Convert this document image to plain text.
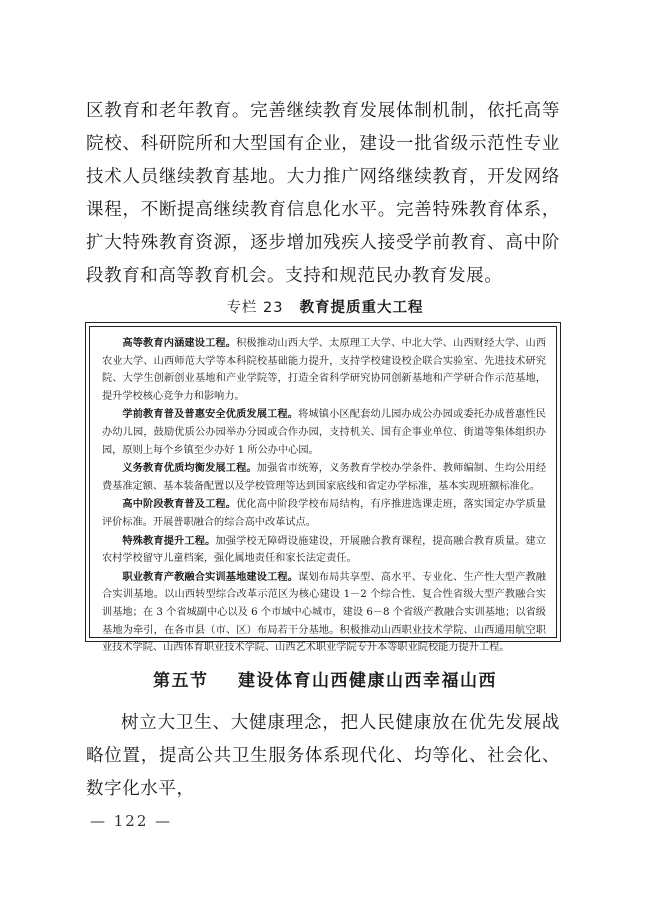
区教育和老年教育。完善继续教育发展体制机制，依托高等院校、科研院所和大型国有企业，建设一批省级示范性专业技术人员继续教育基地。大力推广网络继续教育，开发网络课程，不断提高继续教育信息化水平。完善特殊教育体系，扩大特殊教育资源，逐步增加残疾人接受学前教育、高中阶段教育和高等教育机会。支持和规范民办教育发展。

专栏 23 教育提质重大工程

高等教育内涵建设工程。积极推动山西大学、太原理工大学、中北大学、山西财经大学、山西农业大学、山西师范大学等本科院校基础能力提升，支持学校建设校企联合实验室、先进技术研究院、大学生创新创业基地和产业学院等，打造全省科学研究协同创新基地和产学研合作示范基地，提升学校核心竞争力和影响力。

学前教育普及普惠安全优质发展工程。将城镇小区配套幼儿园办成公办园或委托办成普惠性民办幼儿园，鼓励优质公办园举办分园或合作办园，支持机关、国有企事业单位、街道等集体组织办园，原则上每个乡镇至少办好 1 所公办中心园。

义务教育优质均衡发展工程。加强省市统筹，义务教育学校办学条件、教师编制、生均公用经费基准定额、基本装备配置以及学校管理等达到国家底线和省定办学标准，基本实现班额标准化。

高中阶段教育普及工程。优化高中阶段学校布局结构，有序推进选课走班，落实国定办学质量评价标准。开展普职融合的综合高中改革试点。

特殊教育提升工程。加强学校无障碍设施建设，开展融合教育课程，提高融合教育质量。建立农村学校留守儿童档案，强化属地责任和家长法定责任。

职业教育产教融合实训基地建设工程。谋划布局共享型、高水平、专业化、生产性大型产教融合实训基地。以山西转型综合改革示范区为核心建设 1－2 个综合性、复合性省级大型产教融合实训基地；在 3 个省城副中心以及 6 个市域中心城市，建设 6－8 个省级产教融合实训基地；以省级基地为牵引，在各市县（市、区）布局若干分基地。积极推动山西职业技术学院、山西通用航空职业技术学院、山西体育职业技术学院、山西艺术职业学院专升本等职业院校能力提升工程。

第五节 建设体育山西健康山西幸福山西

树立大卫生、大健康理念，把人民健康放在优先发展战略位置，提高公共卫生服务体系现代化、均等化、社会化、数字化水平，

— 122 —
